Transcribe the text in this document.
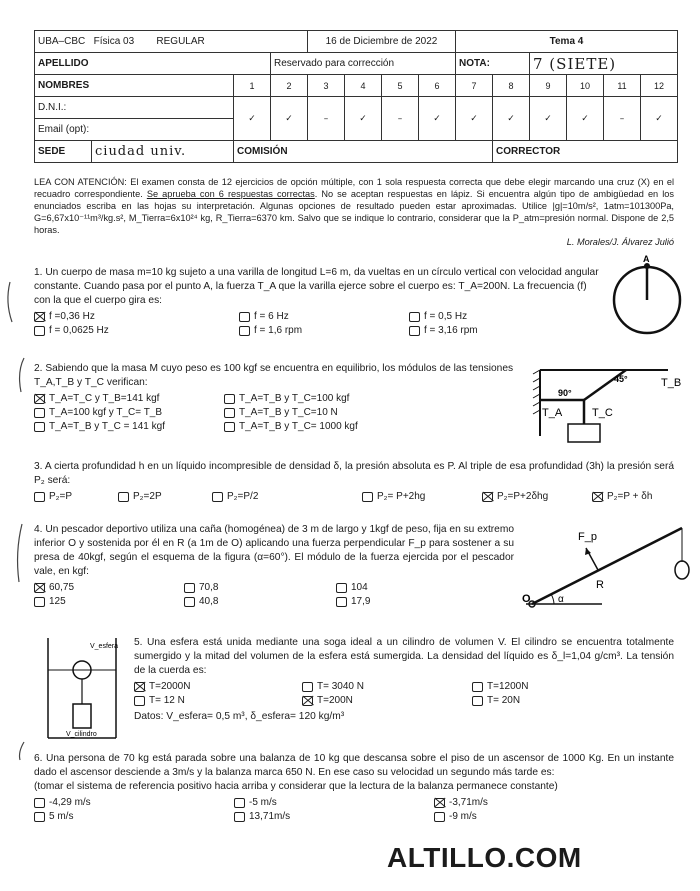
UBA–CBC Física 03 REGULAR				16 de Diciembre de 2022				Tema 4					
APELLIDO			Reservado para corrección					NOTA:		7 (SIETE)			
NOMBRES		1	2	3	4	5	6	7	8	9	10	11	12
D.N.I.:		✓	✓	–	✓	–	✓	✓	✓	✓	✓	–	✓
Email (opt):													
SEDE	ciudad univ.	COMISIÓN							CORRECTOR				
LEA CON ATENCIÓN: El examen consta de 12 ejercicios de opción múltiple, con 1 sola respuesta correcta que debe elegir marcando una cruz (X) en el recuadro correspondiente. Se aprueba con 6 respuestas correctas. No se aceptan respuestas en lápiz. Si encuentra algún tipo de ambigüedad en los enunciados escriba en las hojas su interpretación. Algunas opciones de resultado pueden estar aproximadas. Utilice |g|=10m/s², 1atm=101300Pa, G=6,67x10⁻¹¹m³/kg.s², M_Tierra=6x10²⁴ kg, R_Tierra=6370 km. Salvo que se indique lo contrario, considerar que la P_atm=presión normal. Dispone de 2,5 horas.
L. Morales/J. Álvarez Julió

1. Un cuerpo de masa m=10 kg sujeto a una varilla de longitud L=6 m, da vueltas en un círculo vertical con velocidad angular constante. Cuando pasa por el punto A, la fuerza T_A que la varilla ejerce sobre el cuerpo es: T_A=200N. La frecuencia (f) con la que el cuerpo gira es:

f =0,36 Hz	f = 6 Hz	f = 0,5 Hz
f = 0,0625 Hz	f = 1,6 rpm	f = 3,16 rpm
A

2. Sabiendo que la masa M cuyo peso es 100 kgf se encuentra en equilibrio, los módulos de las tensiones T_A,T_B y T_C verifican:

T_A=T_C y T_B=141 kgf	T_A=T_B y T_C=100 kgf
T_A=100 kgf y T_C= T_B	T_A=T_B y T_C=10 N
T_A=T_B y T_C = 141 kgf	T_A=T_B y T_C= 1000 kgf
45°
90°
T_B
T_A	T_C

3. A cierta profundidad h en un líquido incompresible de densidad δ, la presión absoluta es P. Al triple de esa profundidad (3h) la presión será P₂ será:

P₂=P	P₂=2P	P₂=P/2	P₂= P+2hg	P₂=P+2δhg	P₂=P + δh

4. Un pescador deportivo utiliza una caña (homogénea) de 3 m de largo y 1kgf de peso, fija en su extremo inferior O y sostenida por él en R (a 1m de O) aplicando una fuerza perpendicular F_p para sostener a su presa de 40kgf, según el esquema de la figura (α=60°). El módulo de la fuerza ejercida por el pescador vale, en kgf:

60,75	70,8	104
125	40,8	17,9
F_p
R
O	α
V_esfera
V_cilindro

5. Una esfera está unida mediante una soga ideal a un cilindro de volumen V. El cilindro se encuentra totalmente sumergido y la mitad del volumen de la esfera está sumergida. La densidad del líquido es δ_l=1,04 g/cm³. La tensión de la cuerda es:

T=2000N	T= 3040 N	T=1200N
T= 12 N	T=200N	T= 20N

Datos: V_esfera= 0,5 m³, δ_esfera= 120 kg/m³

6. Una persona de 70 kg está parada sobre una balanza de 10 kg que descansa sobre el piso de un ascensor de 1000 Kg. En un instante dado el ascensor desciende a 3m/s y la balanza marca 650 N. En ese caso su velocidad un segundo más tarde es:

(tomar el sistema de referencia positivo hacia arriba y considerar que la lectura de la balanza permanece constante)

-4,29 m/s	-5 m/s	-3,71m/s
5 m/s	13,71m/s	-9 m/s
ALTILLO.COM
